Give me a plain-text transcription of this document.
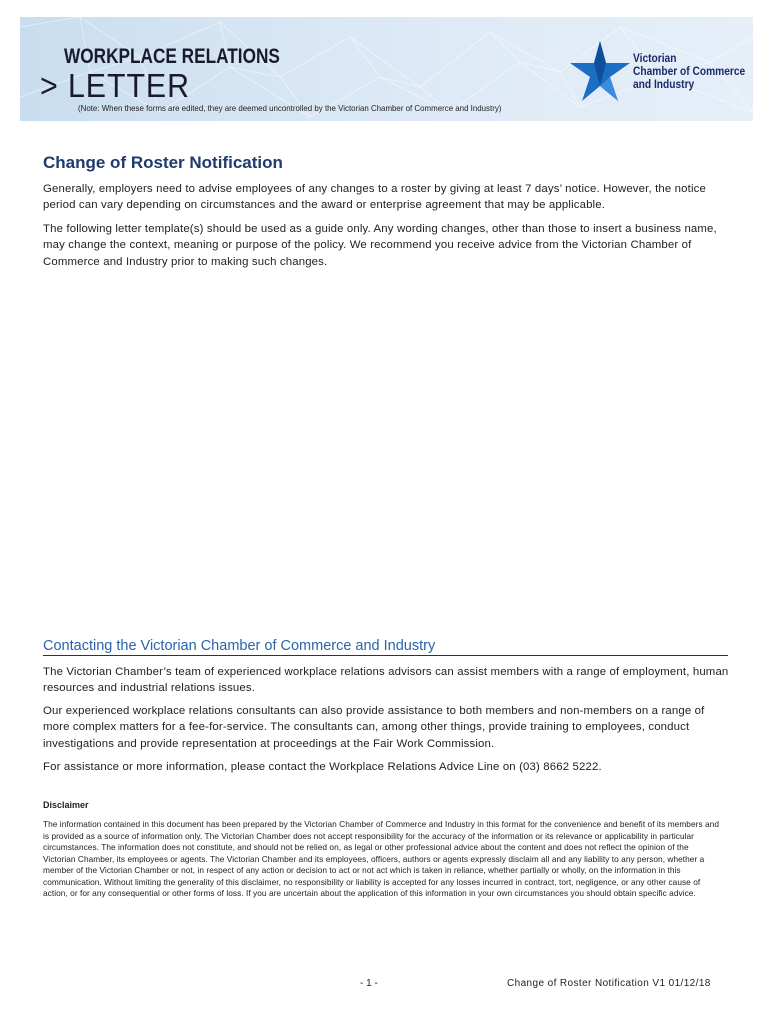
WORKPLACE RELATIONS
> LETTER
(Note: When these forms are edited, they are deemed uncontrolled by the Victorian Chamber of Commerce and Industry)
Victorian
Chamber of Commerce
and Industry
Change of Roster Notification
Generally, employers need to advise employees of any changes to a roster by giving at least 7 days’ notice. However, the notice period can vary depending on circumstances and the award or enterprise agreement that may be applicable.
The following letter template(s) should be used as a guide only. Any wording changes, other than those to insert a business name, may change the context, meaning or purpose of the policy. We recommend you receive advice from the Victorian Chamber of Commerce and Industry prior to making such changes.
Contacting the Victorian Chamber of Commerce and Industry
The Victorian Chamber’s team of experienced workplace relations advisors can assist members with a range of employment, human resources and industrial relations issues.
Our experienced workplace relations consultants can also provide assistance to both members and non-members on a range of more complex matters for a fee-for-service. The consultants can, among other things, provide training to employees, conduct investigations and provide representation at proceedings at the Fair Work Commission.
For assistance or more information, please contact the Workplace Relations Advice Line on (03) 8662 5222.
Disclaimer
The information contained in this document has been prepared by the Victorian Chamber of Commerce and Industry in this format for the convenience and benefit of its members and is provided as a source of information only. The Victorian Chamber does not accept responsibility for the accuracy of the information or its relevance or applicability in particular circumstances. The information does not constitute, and should not be relied on, as legal or other professional advice about the content and does not reflect the opinion of the Victorian Chamber, its employees or agents. The Victorian Chamber and its employees, officers, authors or agents expressly disclaim all and any liability to any person, whether a member of the Victorian Chamber or not, in respect of any action or decision to act or not act which is taken in reliance, whether partially or wholly, on the information in this communication. Without limiting the generality of this disclaimer, no responsibility or liability is accepted for any losses incurred in contract, tort, negligence, or any other cause of action, or for any consequential or other forms of loss. If you are uncertain about the application of this information in your own circumstances you should obtain specific advice.
- 1 -	Change of Roster Notification V1 01/12/18
